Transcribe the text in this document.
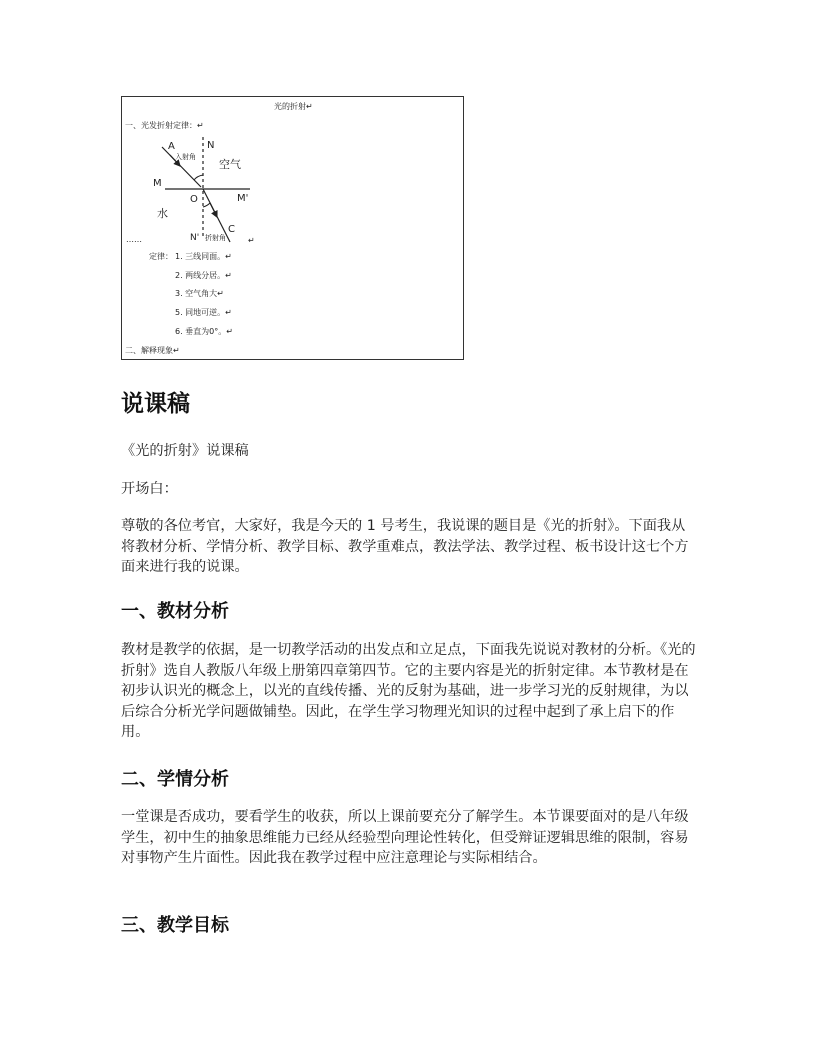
光的折射↵
一、光发折射定律：↵
A	N
入射角
空气
M
O	M'
水
C
N' 折射角
……	↵
定律： 1. 三线同面。↵
2. 两线分居。↵
3. 空气角大↵
5. 同地可逆。↵
6. 垂直为0°。↵
二、解释现象↵
说课稿

《光的折射》说课稿

开场白：

尊敬的各位考官，大家好，我是今天的 1 号考生，我说课的题目是《光的折射》。下面我从将教材分析、学情分析、教学目标、教学重难点，教法学法、教学过程、板书设计这七个方面来进行我的说课。

一、教材分析

教材是教学的依据，是一切教学活动的出发点和立足点，下面我先说说对教材的分析。《光的折射》选自人教版八年级上册第四章第四节。它的主要内容是光的折射定律。本节教材是在初步认识光的概念上，以光的直线传播、光的反射为基础，进一步学习光的反射规律，为以后综合分析光学问题做铺垫。因此，在学生学习物理光知识的过程中起到了承上启下的作用。

二、学情分析

一堂课是否成功，要看学生的收获，所以上课前要充分了解学生。本节课要面对的是八年级学生，初中生的抽象思维能力已经从经验型向理论性转化，但受辩证逻辑思维的限制，容易对事物产生片面性。因此我在教学过程中应注意理论与实际相结合。

三、教学目标
